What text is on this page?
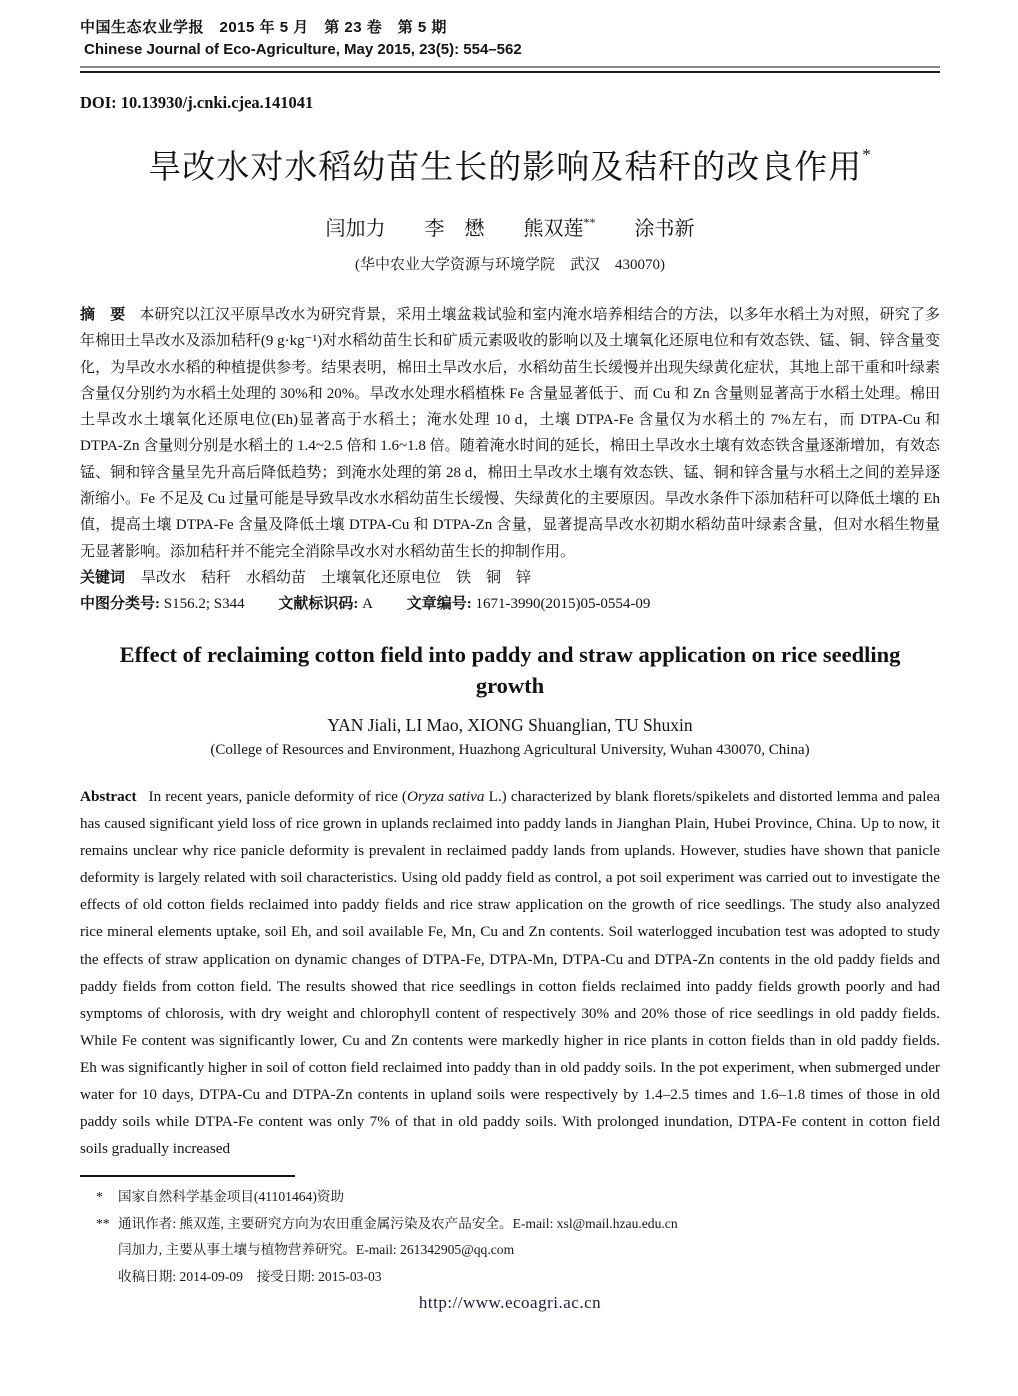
中国生态农业学报　2015 年 5 月　第 23 卷　第 5 期
Chinese Journal of Eco-Agriculture, May 2015, 23(5): 554–562
DOI: 10.13930/j.cnki.cjea.141041
旱改水对水稻幼苗生长的影响及秸秆的改良作用*
闫加力 李　懋 熊双莲** 涂书新
(华中农业大学资源与环境学院　武汉　430070)
摘　要 本研究以江汉平原旱改水为研究背景，采用土壤盆栽试验和室内淹水培养相结合的方法，以多年水稻土为对照，研究了多年棉田土旱改水及添加秸秆(9 g·kg⁻¹)对水稻幼苗生长和矿质元素吸收的影响以及土壤氧化还原电位和有效态铁、锰、铜、锌含量变化，为旱改水水稻的种植提供参考。结果表明，棉田土旱改水后，水稻幼苗生长缓慢并出现失绿黄化症状，其地上部干重和叶绿素含量仅分别约为水稻土处理的 30%和 20%。旱改水处理水稻植株 Fe 含量显著低于、而 Cu 和 Zn 含量则显著高于水稻土处理。棉田土旱改水土壤氧化还原电位(Eh)显著高于水稻土；淹水处理 10 d，土壤 DTPA-Fe 含量仅为水稻土的 7%左右，而 DTPA-Cu 和 DTPA-Zn 含量则分别是水稻土的 1.4~2.5 倍和 1.6~1.8 倍。随着淹水时间的延长，棉田土旱改水土壤有效态铁含量逐渐增加，有效态锰、铜和锌含量呈先升高后降低趋势；到淹水处理的第 28 d，棉田土旱改水土壤有效态铁、锰、铜和锌含量与水稻土之间的差异逐渐缩小。Fe 不足及 Cu 过量可能是导致旱改水水稻幼苗生长缓慢、失绿黄化的主要原因。旱改水条件下添加秸秆可以降低土壤的 Eh 值，提高土壤 DTPA-Fe 含量及降低土壤 DTPA-Cu 和 DTPA-Zn 含量，显著提高旱改水初期水稻幼苗叶绿素含量，但对水稻生物量无显著影响。添加秸秆并不能完全消除旱改水对水稻幼苗生长的抑制作用。
关键词 旱改水　秸秆　水稻幼苗　土壤氧化还原电位　铁　铜　锌
中图分类号: S156.2; S344 文献标识码: A 文章编号: 1671-3990(2015)05-0554-09
Effect of reclaiming cotton field into paddy and straw application on rice seedling growth
YAN Jiali, LI Mao, XIONG Shuanglian, TU Shuxin
(College of Resources and Environment, Huazhong Agricultural University, Wuhan 430070, China)
Abstract In recent years, panicle deformity of rice (Oryza sativa L.) characterized by blank florets/spikelets and distorted lemma and palea has caused significant yield loss of rice grown in uplands reclaimed into paddy lands in Jianghan Plain, Hubei Province, China. Up to now, it remains unclear why rice panicle deformity is prevalent in reclaimed paddy lands from uplands. However, studies have shown that panicle deformity is largely related with soil characteristics. Using old paddy field as control, a pot soil experiment was carried out to investigate the effects of old cotton fields reclaimed into paddy fields and rice straw application on the growth of rice seedlings. The study also analyzed rice mineral elements uptake, soil Eh, and soil available Fe, Mn, Cu and Zn contents. Soil waterlogged incubation test was adopted to study the effects of straw application on dynamic changes of DTPA-Fe, DTPA-Mn, DTPA-Cu and DTPA-Zn contents in the old paddy fields and paddy fields from cotton field. The results showed that rice seedlings in cotton fields reclaimed into paddy fields growth poorly and had symptoms of chlorosis, with dry weight and chlorophyll content of respectively 30% and 20% those of rice seedlings in old paddy fields. While Fe content was significantly lower, Cu and Zn contents were markedly higher in rice plants in cotton fields than in old paddy fields. Eh was significantly higher in soil of cotton field reclaimed into paddy than in old paddy soils. In the pot experiment, when submerged under water for 10 days, DTPA-Cu and DTPA-Zn contents in upland soils were respectively by 1.4–2.5 times and 1.6–1.8 times of those in old paddy soils while DTPA-Fe content was only 7% of that in old paddy soils. With prolonged inundation, DTPA-Fe content in cotton field soils gradually increased
*	国家自然科学基金项目(41101464)资助
** 通讯作者: 熊双莲, 主要研究方向为农田重金属污染及农产品安全。E-mail: xsl@mail.hzau.edu.cn
闫加力, 主要从事土壤与植物营养研究。E-mail: 261342905@qq.com
收稿日期: 2014-09-09　接受日期: 2015-03-03
http://www.ecoagri.ac.cn
